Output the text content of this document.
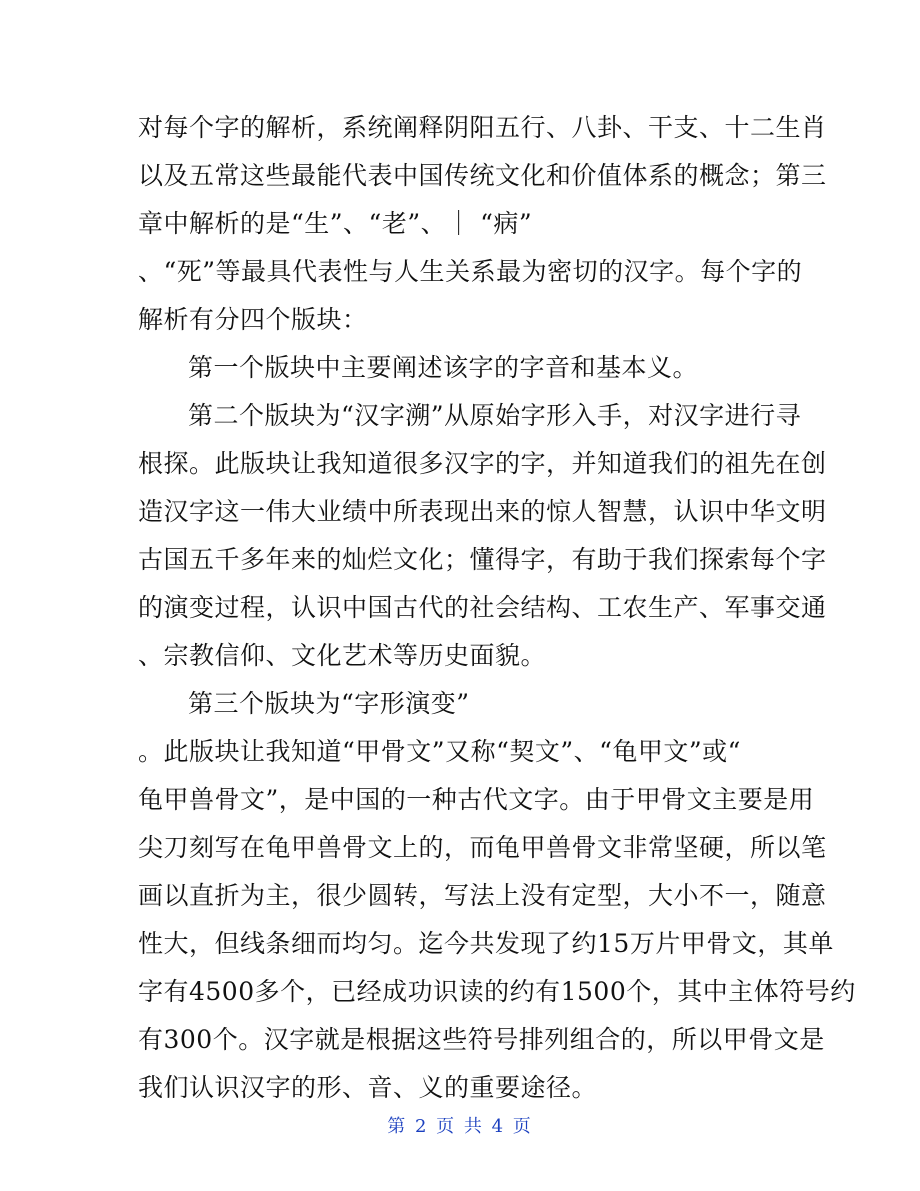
对每个字的解析，系统阐释阴阳五行、八卦、干支、十二生肖
以及五常这些最能代表中国传统文化和价值体系的概念；第三
章中解析的是“生”、“老”、｜ “病”
、“死”等最具代表性与人生关系最为密切的汉字。每个字的
解析有分四个版块：
第一个版块中主要阐述该字的字音和基本义。
第二个版块为“汉字溯”从原始字形入手，对汉字进行寻
根探。此版块让我知道很多汉字的字，并知道我们的祖先在创
造汉字这一伟大业绩中所表现出来的惊人智慧，认识中华文明
古国五千多年来的灿烂文化；懂得字，有助于我们探索每个字
的演变过程，认识中国古代的社会结构、工农生产、军事交通
、宗教信仰、文化艺术等历史面貌。
第三个版块为“字形演变”
。此版块让我知道“甲骨文”又称“契文”、“龟甲文”或“
龟甲兽骨文”，是中国的一种古代文字。由于甲骨文主要是用
尖刀刻写在龟甲兽骨文上的，而龟甲兽骨文非常坚硬，所以笔
画以直折为主，很少圆转，写法上没有定型，大小不一，随意
性大，但线条细而均匀。迄今共发现了约15万片甲骨文，其单
字有4500多个，已经成功识读的约有1500个，其中主体符号约
有300个。汉字就是根据这些符号排列组合的，所以甲骨文是
我们认识汉字的形、音、义的重要途径。
第 2 页 共 4 页
